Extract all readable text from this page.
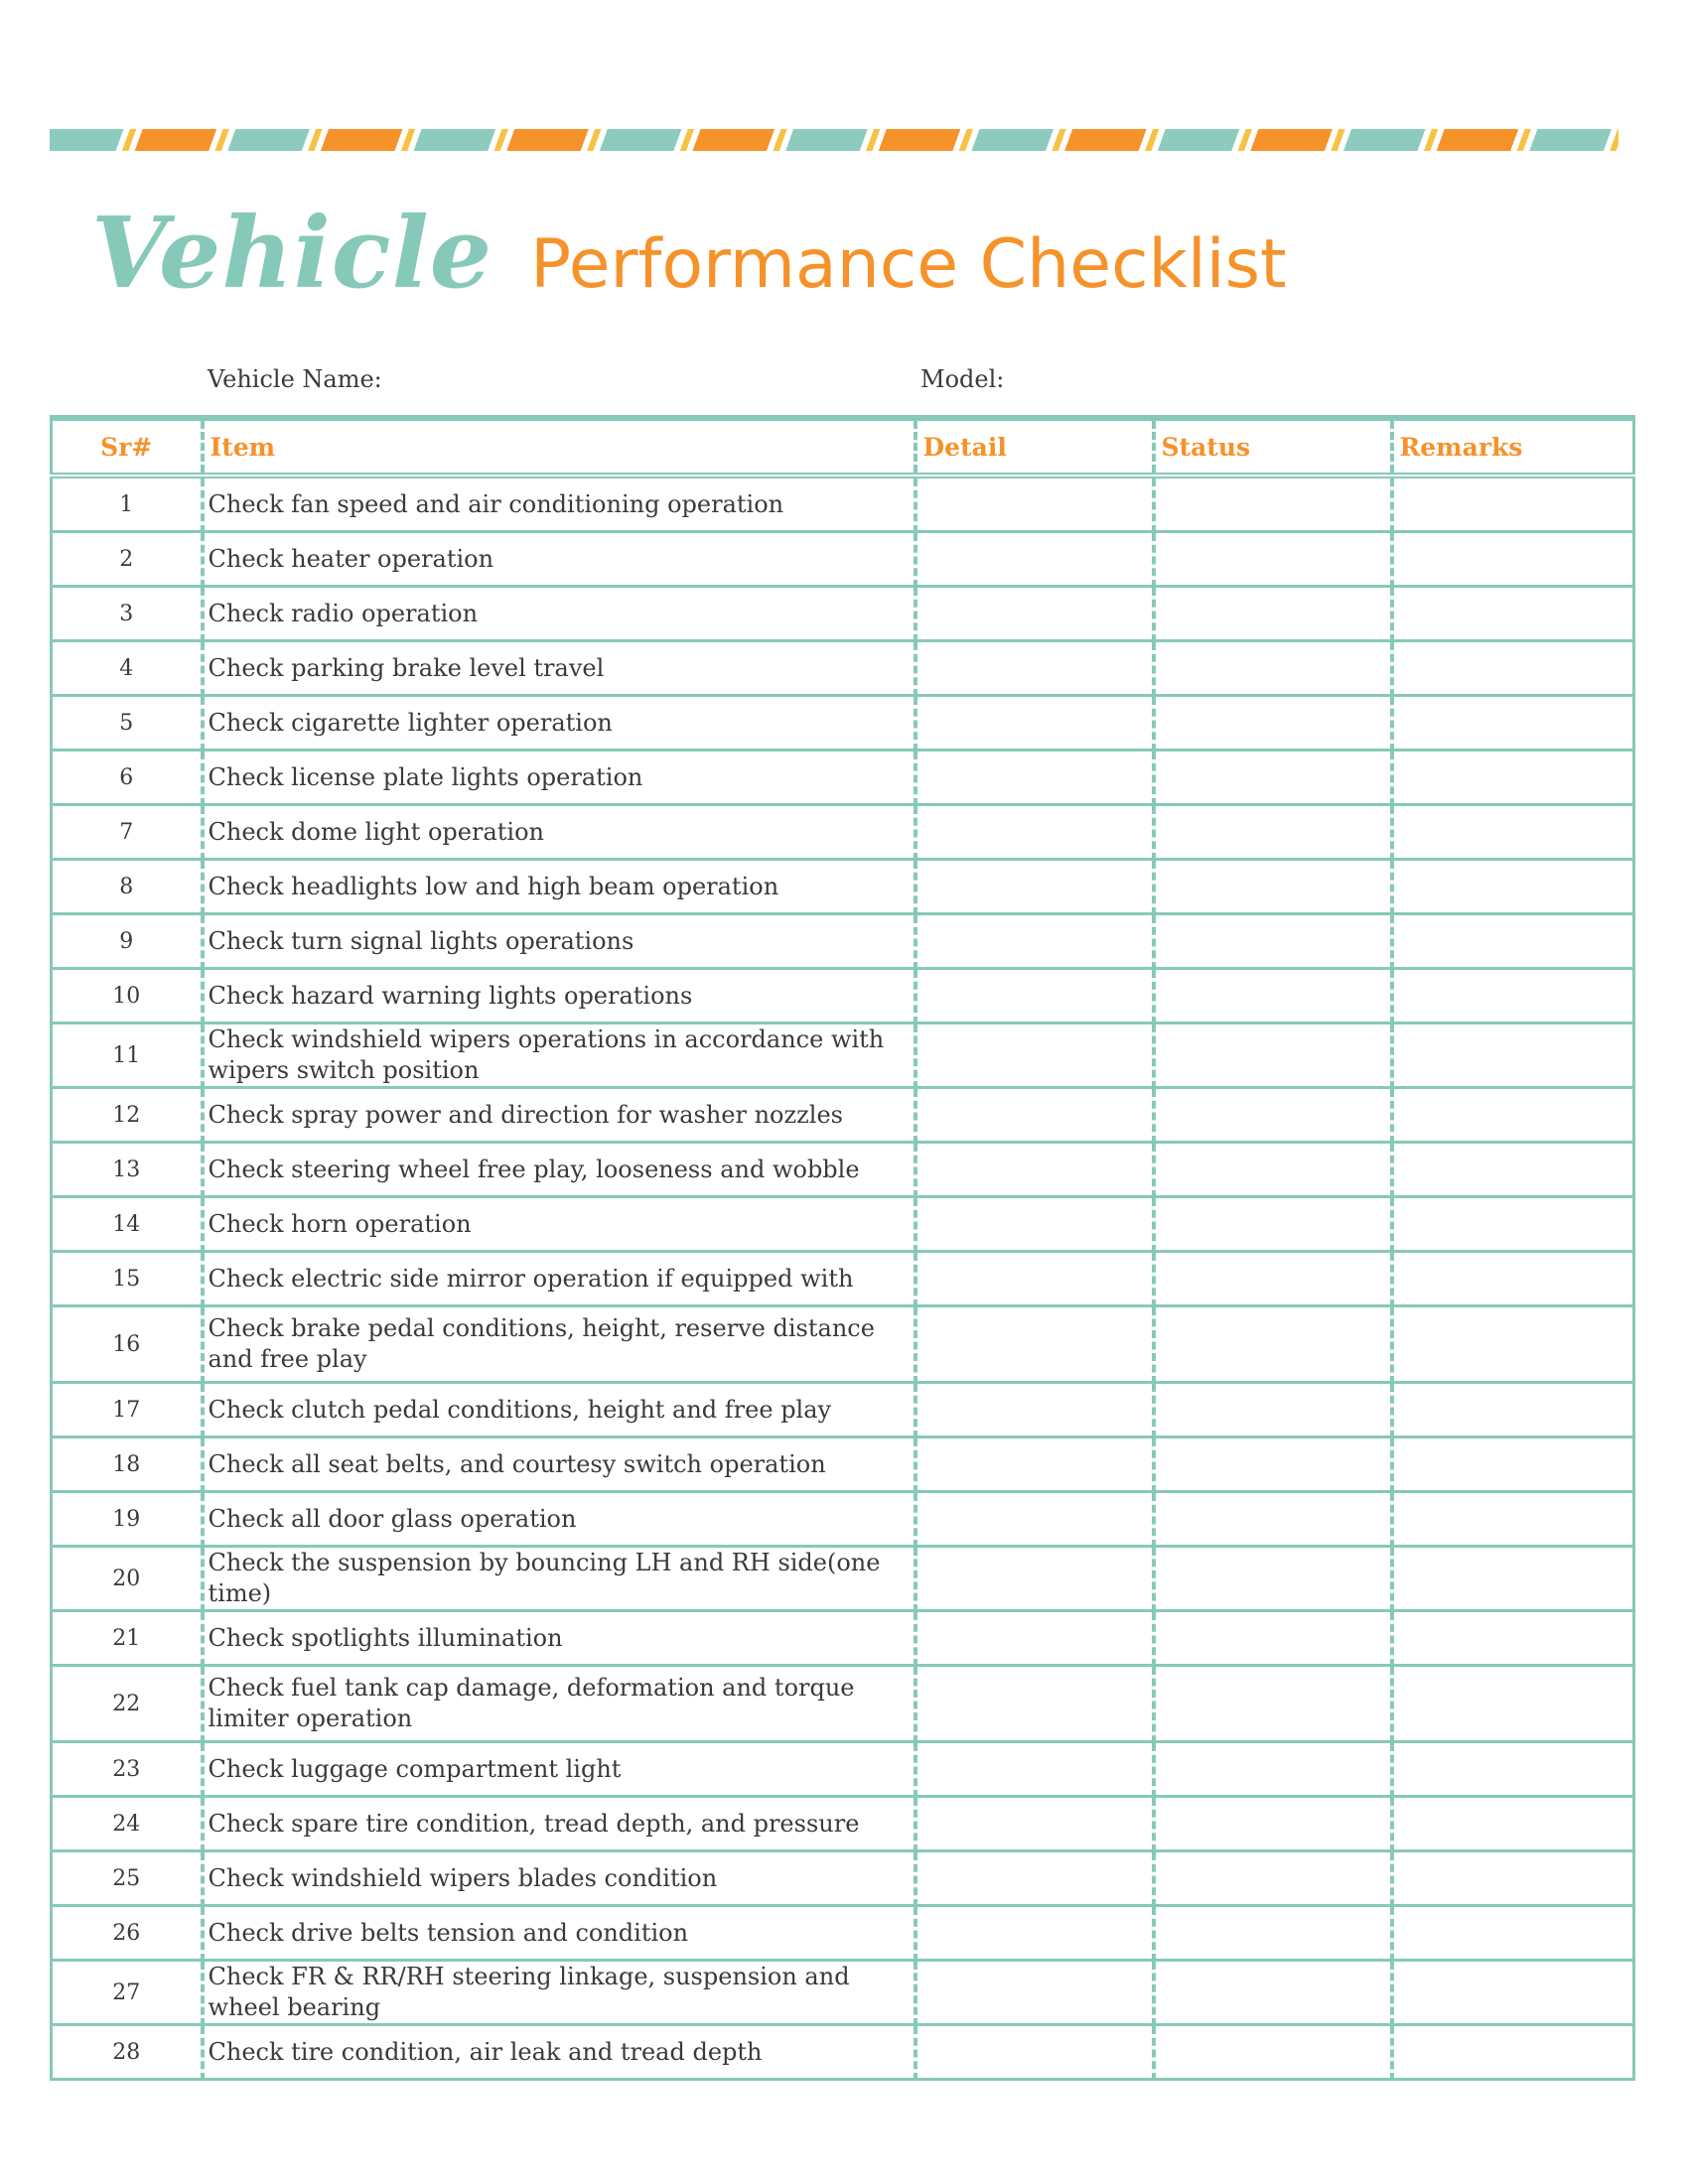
Vehicle Performance Checklist
Vehicle Name:	Model:
Sr#	Item	Detail	Status	Remarks
1	Check fan speed and air conditioning operation			
2	Check heater operation			
3	Check radio operation			
4	Check parking brake level travel			
5	Check cigarette lighter operation			
6	Check license plate lights operation			
7	Check dome light operation			
8	Check headlights low and high beam operation			
9	Check turn signal lights operations			
10	Check hazard warning lights operations			
11	Check windshield wipers operations in accordance with wipers switch position			
12	Check spray power and direction for washer nozzles			
13	Check steering wheel free play, looseness and wobble			
14	Check horn operation			
15	Check electric side mirror operation if equipped with			
16	Check brake pedal conditions, height, reserve distance and free play			
17	Check clutch pedal conditions, height and free play			
18	Check all seat belts, and courtesy switch operation			
19	Check all door glass operation			
20	Check the suspension by bouncing LH and RH side(one time)			
21	Check spotlights illumination			
22	Check fuel tank cap damage, deformation and torque limiter operation			
23	Check luggage compartment light			
24	Check spare tire condition, tread depth, and pressure			
25	Check windshield wipers blades condition			
26	Check drive belts tension and condition			
27	Check FR & RR/RH steering linkage, suspension and wheel bearing			
28	Check tire condition, air leak and tread depth			
